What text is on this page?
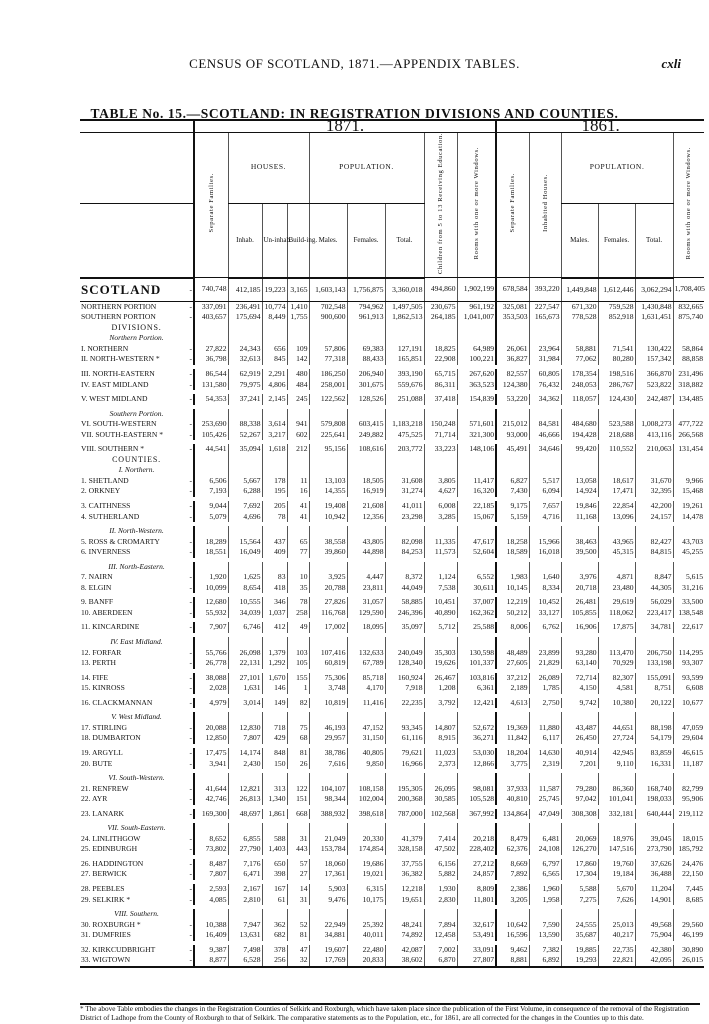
CENSUS OF SCOTLAND, 1871.—APPENDIX TABLES.	cxli
TABLE No. 15.—SCOTLAND: IN REGISTRATION DIVISIONS AND COUNTIES.
		1871.									1861.					
		Separate Families.	HOUSES.			POPULATION.			Children from 5 to 13 Receiving Education.	Rooms with one or more Windows.	Separate Families.	Inhabited Houses.	POPULATION.			Rooms with one or more Windows.
			Inhab.	Un-inhab.	Build-ing.	Males.	Females.	Total.					Males.	Females.	Total.	
SCOTLAND	-	740,748	412,185	19,223	3,165	1,603,143	1,756,875	3,360,018	494,860	1,902,199	678,584	393,220	1,449,848	1,612,446	3,062,294	1,708,405
NORTHERN PORTION	-	337,091	236,491	10,774	1,410	702,548	794,962	1,497,505	230,675	961,192	325,081	227,547	671,320	759,528	1,430,848	832,665
SOUTHERN PORTION	-	403,657	175,694	8,449	1,755	900,600	961,913	1,862,513	264,185	1,041,007	353,503	165,673	778,528	852,918	1,631,451	875,740
DIVISIONS.																
Northern Portion.																
I. NORTHERN	-	27,822	24,343	656	109	57,806	69,383	127,191	18,825	64,989	26,061	23,964	58,881	71,541	130,422	58,864
II. NORTH-WESTERN *	-	36,798	32,613	845	142	77,318	88,433	165,851	22,908	100,221	36,827	31,984	77,062	80,280	157,342	88,858

III. NORTH-EASTERN	-	86,544	62,919	2,291	480	186,250	206,940	393,190	65,715	267,620	82,557	60,805	178,354	198,516	366,870	231,496
IV. EAST MIDLAND	-	131,580	79,975	4,806	484	258,001	301,675	559,676	86,311	363,523	124,380	76,432	248,053	286,767	523,822	318,882

V. WEST MIDLAND	-	54,353	37,241	2,145	245	122,562	128,526	251,088	37,418	154,839	53,220	34,362	118,057	124,430	242,487	134,485

Southern Portion.																
VI. SOUTH-WESTERN	-	253,690	88,338	3,614	941	579,808	603,415	1,183,218	150,248	571,601	215,012	84,581	484,680	523,588	1,008,273	477,722
VII. SOUTH-EASTERN *	-	105,426	52,267	3,217	602	225,641	249,882	475,525	71,714	321,300	93,000	46,666	194,428	218,688	413,116	266,568

VIII. SOUTHERN *	-	44,541	35,094	1,618	212	95,156	108,616	203,772	33,223	148,106	45,491	34,646	99,420	110,552	210,063	131,454
COUNTIES.																
I. Northern.																
1. SHETLAND	-	6,506	5,667	178	11	13,103	18,505	31,608	3,805	11,417	6,827	5,517	13,058	18,617	31,670	9,966
2. ORKNEY	-	7,193	6,288	195	16	14,355	16,919	31,274	4,627	16,320	7,430	6,094	14,924	17,471	32,395	15,468

3. CAITHNESS	-	9,044	7,692	205	41	19,408	21,608	41,011	6,008	22,185	9,175	7,657	19,846	22,854	42,200	19,261
4. SUTHERLAND	-	5,079	4,696	78	41	10,942	12,356	23,298	3,285	15,067	5,159	4,716	11,168	13,096	24,157	14,478

II. North-Western.																
5. ROSS & CROMARTY	-	18,289	15,564	437	65	38,558	43,805	82,098	11,335	47,617	18,258	15,966	38,463	43,965	82,427	43,703
6. INVERNESS	-	18,551	16,049	409	77	39,860	44,898	84,253	11,573	52,604	18,589	16,018	39,500	45,315	84,815	45,255

III. North-Eastern.																
7. NAIRN	-	1,920	1,625	83	10	3,925	4,447	8,372	1,124	6,552	1,983	1,640	3,976	4,871	8,847	5,615
8. ELGIN	-	10,099	8,654	418	35	20,788	23,811	44,049	7,538	30,611	10,145	8,334	20,718	23,480	44,305	31,216

9. BANFF	-	12,680	10,555	346	78	27,826	31,057	58,885	10,451	37,007	12,219	10,452	26,481	29,619	56,029	33,500
10. ABERDEEN	-	55,932	34,039	1,037	258	116,768	129,590	246,396	40,890	162,362	50,212	33,127	105,855	118,062	223,417	138,548

11. KINCARDINE	-	7,907	6,746	412	49	17,002	18,095	35,097	5,712	25,588	8,006	6,762	16,906	17,875	34,781	22,617

IV. East Midland.																
12. FORFAR	-	55,766	26,098	1,379	103	107,416	132,633	240,049	35,303	130,598	48,489	23,899	93,280	113,470	206,750	114,295
13. PERTH	-	26,778	22,131	1,292	105	60,819	67,789	128,340	19,626	101,337	27,605	21,829	63,140	70,929	133,198	93,307

14. FIFE	-	38,088	27,101	1,670	155	75,306	85,718	160,924	26,467	103,816	37,212	26,089	72,714	82,307	155,091	93,599
15. KINROSS	-	2,028	1,631	146	1	3,748	4,170	7,918	1,208	6,361	2,189	1,785	4,150	4,581	8,751	6,608

16. CLACKMANNAN	-	4,979	3,014	149	82	10,819	11,416	22,235	3,792	12,421	4,613	2,750	9,742	10,380	20,122	10,677

V. West Midland.																
17. STIRLING	-	20,088	12,830	718	75	46,193	47,152	93,345	14,807	52,672	19,369	11,880	43,487	44,651	88,198	47,059
18. DUMBARTON	-	12,850	7,807	429	68	29,957	31,150	61,116	8,915	36,271	11,842	6,117	26,450	27,724	54,179	29,604

19. ARGYLL	-	17,475	14,174	848	81	38,786	40,805	79,621	11,023	53,030	18,204	14,630	40,914	42,945	83,859	46,615
20. BUTE	-	3,941	2,430	150	26	7,616	9,850	16,966	2,373	12,866	3,775	2,319	7,201	9,110	16,331	11,187

VI. South-Western.																
21. RENFREW	-	41,644	12,821	313	122	104,107	108,158	195,305	26,095	98,081	37,933	11,587	79,280	86,360	168,740	82,799
22. AYR	-	42,746	26,813	1,340	151	98,344	102,004	200,368	30,585	105,528	40,810	25,745	97,042	101,041	198,033	95,906

23. LANARK	-	169,300	48,697	1,861	668	388,932	398,618	787,000	102,568	367,992	134,864	47,049	308,308	332,181	640,444	219,112

VII. South-Eastern.																
24. LINLITHGOW	-	8,652	6,855	588	31	21,049	20,330	41,379	7,414	20,218	8,479	6,481	20,069	18,976	39,045	18,015
25. EDINBURGH	-	73,802	27,790	1,403	443	153,784	174,854	328,158	47,502	228,402	62,376	24,108	126,270	147,516	273,790	185,792

26. HADDINGTON	-	8,487	7,176	650	57	18,060	19,686	37,755	6,156	27,212	8,669	6,797	17,860	19,760	37,626	24,476
27. BERWICK	-	7,807	6,471	398	27	17,361	19,021	36,382	5,882	24,857	7,892	6,565	17,304	19,184	36,488	22,150

28. PEEBLES	-	2,593	2,167	167	14	5,903	6,315	12,218	1,930	8,809	2,386	1,960	5,588	5,670	11,204	7,445
29. SELKIRK *	-	4,085	2,810	61	31	9,476	10,175	19,651	2,830	11,801	3,205	1,958	7,275	7,626	14,901	8,685

VIII. Southern.																
30. ROXBURGH *	-	10,388	7,947	362	52	22,949	25,392	48,241	7,894	32,617	10,642	7,590	24,555	25,013	49,568	29,560
31. DUMFRIES	-	16,409	13,631	682	81	34,881	40,011	74,892	12,458	53,491	16,596	13,590	35,687	40,217	75,904	46,199

32. KIRKCUDBRIGHT	-	9,387	7,498	378	47	19,607	22,480	42,087	7,002	33,091	9,462	7,382	19,885	22,735	42,380	30,890
33. WIGTOWN	-	8,877	6,528	256	32	17,769	20,833	38,602	6,870	27,807	8,881	6,892	19,293	22,821	42,095	26,015
* The above Table embodies the changes in the Registration Counties of Selkirk and Roxburgh, which have taken place since the publication of the First Volume, in consequence of the removal of the Registration District of Ladhope from the County of Roxburgh to that of Selkirk. The comparative statements as to the Population, etc., for 1861, are all corrected for the changes in the Counties up to this date.
